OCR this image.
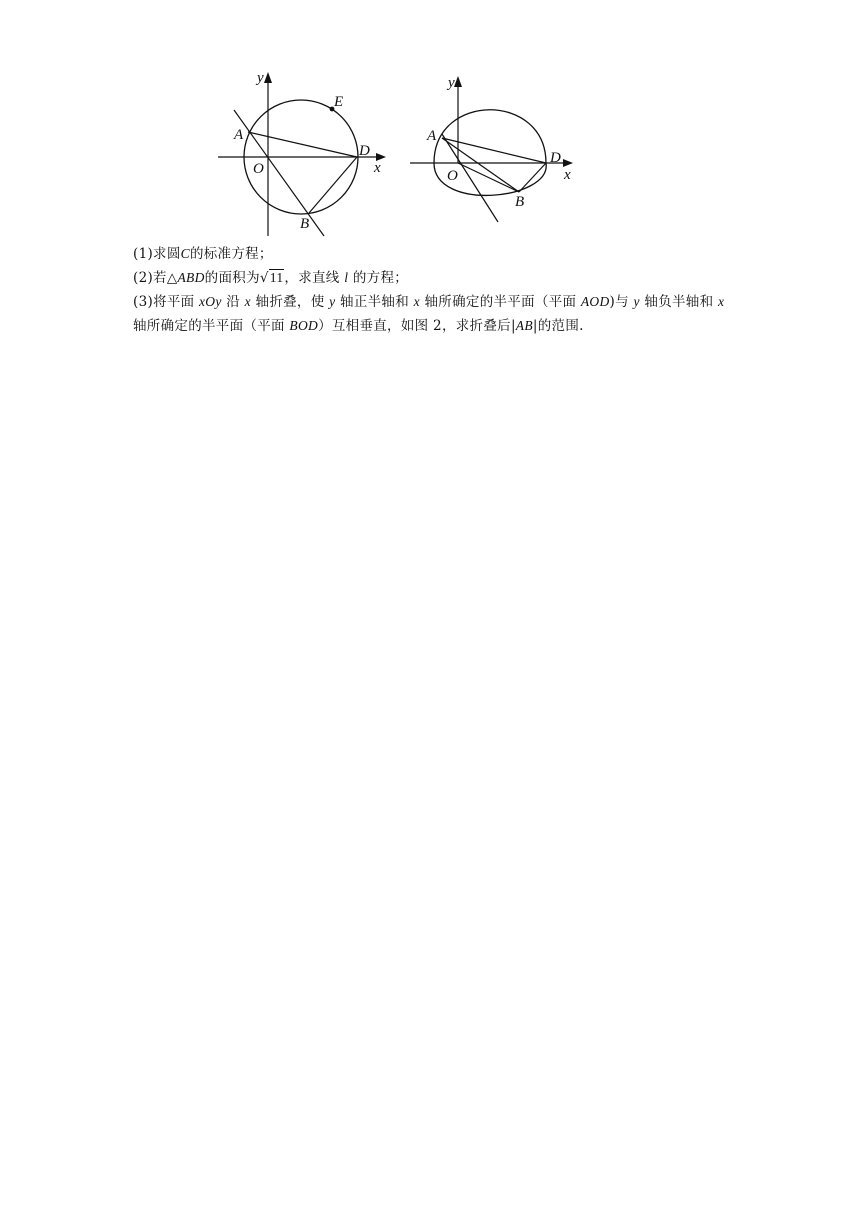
y
x
E
A
D
O
B
y
x
A
D
O
B
(1)求圆C的标准方程；
(2)若△ABD的面积为√11，求直线 l 的方程；
(3)将平面 xOy 沿 x 轴折叠，使 y 轴正半轴和 x 轴所确定的半平面（平面 AOD)与 y 轴负半轴和 x 轴所确定的半平面（平面 BOD）互相垂直，如图 2，求折叠后|AB|的范围.
